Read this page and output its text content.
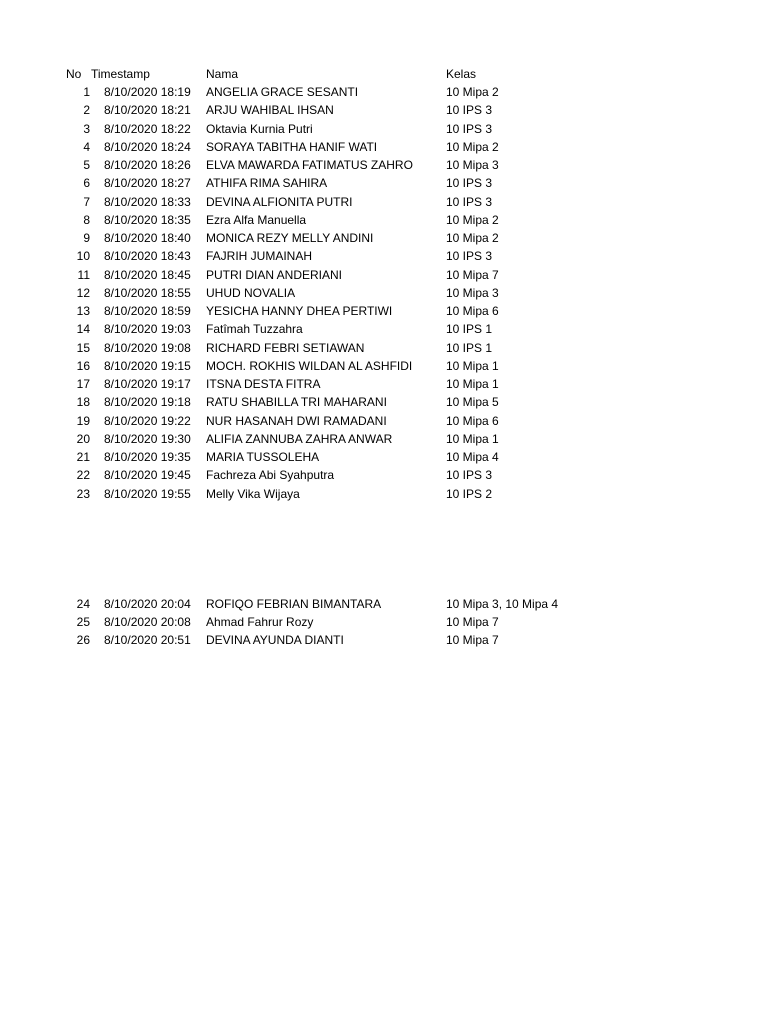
No Timestamp	Nama	Kelas
1 8/10/2020 18:19	ANGELIA GRACE SESANTI	10 Mipa 2
2 8/10/2020 18:21	ARJU WAHIBAL IHSAN	10 IPS 3
3 8/10/2020 18:22	Oktavia Kurnia Putri	10 IPS 3
4 8/10/2020 18:24	SORAYA TABITHA HANIF WATI	10 Mipa 2
5 8/10/2020 18:26	ELVA MAWARDA FATIMATUS ZAHRO	10 Mipa 3
6 8/10/2020 18:27	ATHIFA RIMA SAHIRA	10 IPS 3
7 8/10/2020 18:33	DEVINA ALFIONITA PUTRI	10 IPS 3
8 8/10/2020 18:35	Ezra Alfa Manuella	10 Mipa 2
9 8/10/2020 18:40	MONICA REZY MELLY ANDINI	10 Mipa 2
10 8/10/2020 18:43	FAJRIH JUMAINAH	10 IPS 3
11 8/10/2020 18:45	PUTRI DIAN ANDERIANI	10 Mipa 7
12 8/10/2020 18:55	UHUD NOVALIA	10 Mipa 3
13 8/10/2020 18:59	YESICHA HANNY DHEA PERTIWI	10 Mipa 6
14 8/10/2020 19:03	Fatîmah Tuzzahra	10 IPS 1
15 8/10/2020 19:08	RICHARD FEBRI SETIAWAN	10 IPS 1
16 8/10/2020 19:15	MOCH. ROKHIS WILDAN AL ASHFIDI	10 Mipa 1
17 8/10/2020 19:17	ITSNA DESTA FITRA	10 Mipa 1
18 8/10/2020 19:18	RATU SHABILLA TRI MAHARANI	10 Mipa 5
19 8/10/2020 19:22	NUR HASANAH DWI RAMADANI	10 Mipa 6
20 8/10/2020 19:30	ALIFIA ZANNUBA ZAHRA ANWAR	10 Mipa 1
21 8/10/2020 19:35	MARIA TUSSOLEHA	10 Mipa 4
22 8/10/2020 19:45	Fachreza Abi Syahputra	10 IPS 3
23 8/10/2020 19:55	Melly Vika Wijaya	10 IPS 2
24 8/10/2020 20:04	ROFIQO FEBRIAN BIMANTARA	10 Mipa 3, 10 Mipa 4
25 8/10/2020 20:08	Ahmad Fahrur Rozy	10 Mipa 7
26 8/10/2020 20:51	DEVINA AYUNDA DIANTI	10 Mipa 7
